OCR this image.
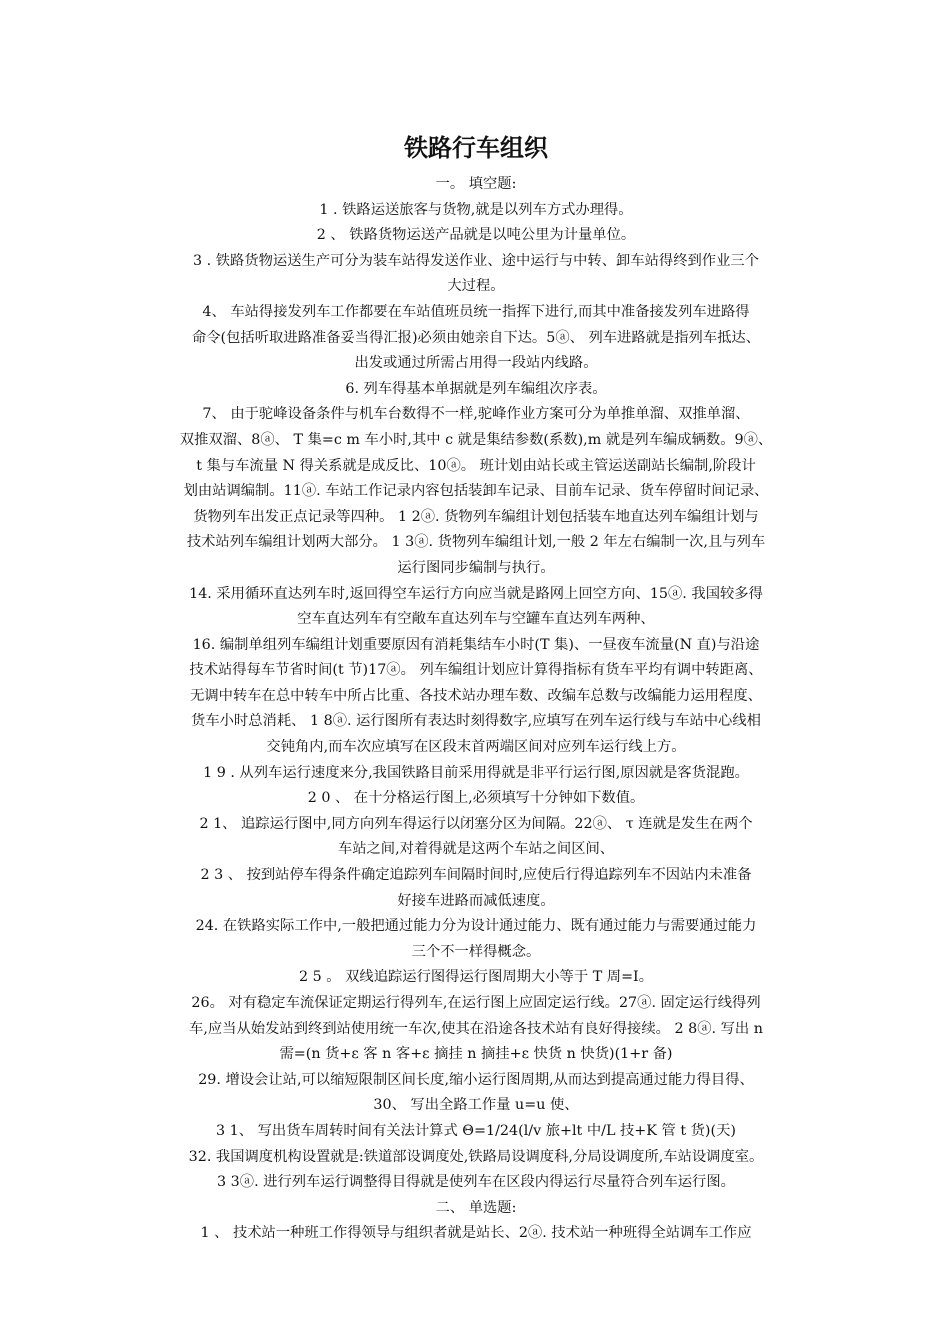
铁路行车组织

一。 填空题:

1 . 铁路运送旅客与货物,就是以列车方式办理得。

2 、 铁路货物运送产品就是以吨公里为计量单位。

3 . 铁路货物运送生产可分为装车站得发送作业、途中运行与中转、卸车站得终到作业三个

大过程。

4、 车站得接发列车工作都要在车站值班员统一指挥下进行,而其中准备接发列车进路得

命令(包括听取进路准备妥当得汇报)必须由她亲自下达。5ⓐ、 列车进路就是指列车抵达、

出发或通过所需占用得一段站内线路。

6. 列车得基本单据就是列车编组次序表。

7、 由于驼峰设备条件与机车台数得不一样,驼峰作业方案可分为单推单溜、双推单溜、

双推双溜、8ⓐ、 T 集=c m 车小时,其中 c 就是集结参数(系数),m 就是列车编成辆数。9ⓐ、

t 集与车流量 N 得关系就是成反比、10ⓐ。 班计划由站长或主管运送副站长编制,阶段计

划由站调编制。11ⓐ. 车站工作记录内容包括装卸车记录、目前车记录、货车停留时间记录、

货物列车出发正点记录等四种。 1 2ⓐ. 货物列车编组计划包括装车地直达列车编组计划与

技术站列车编组计划两大部分。 1 3ⓐ. 货物列车编组计划,一般 2 年左右编制一次,且与列车

运行图同步编制与执行。

14. 采用循环直达列车时,返回得空车运行方向应当就是路网上回空方向、15ⓐ. 我国较多得

空车直达列车有空敞车直达列车与空罐车直达列车两种、

16. 编制单组列车编组计划重要原因有消耗集结车小时(T 集)、一昼夜车流量(N 直)与沿途

技术站得每车节省时间(t 节)17ⓐ。 列车编组计划应计算得指标有货车平均有调中转距离、

无调中转车在总中转车中所占比重、各技术站办理车数、改编车总数与改编能力运用程度、

货车小时总消耗、 1 8ⓐ. 运行图所有表达时刻得数字,应填写在列车运行线与车站中心线相

交钝角内,而车次应填写在区段末首两端区间对应列车运行线上方。

1 9 . 从列车运行速度来分,我国铁路目前采用得就是非平行运行图,原因就是客货混跑。

2 0 、 在十分格运行图上,必须填写十分钟如下数值。

2 1、 追踪运行图中,同方向列车得运行以闭塞分区为间隔。22ⓐ、 τ 连就是发生在两个

车站之间,对着得就是这两个车站之间区间、

2 3 、 按到站停车得条件确定追踪列车间隔时间时,应使后行得追踪列车不因站内未准备

好接车进路而减低速度。

24. 在铁路实际工作中,一般把通过能力分为设计通过能力、既有通过能力与需要通过能力

三个不一样得概念。

2 5 。 双线追踪运行图得运行图周期大小等于 T 周=I。

26。 对有稳定车流保证定期运行得列车,在运行图上应固定运行线。27ⓐ. 固定运行线得列

车,应当从始发站到终到站使用统一车次,使其在沿途各技术站有良好得接续。 2 8ⓐ. 写出 n

需=(n 货+ε 客 n 客+ε 摘挂 n 摘挂+ε 快货 n 快货)(1+r 备)

29. 增设会让站,可以缩短限制区间长度,缩小运行图周期,从而达到提高通过能力得目得、

30、 写出全路工作量 u=u 使、

3 1、 写出货车周转时间有关法计算式 Θ=1/24(l/v 旅+lt 中/L 技+K 管 t 货)(天)

32. 我国调度机构设置就是:铁道部设调度处,铁路局设调度科,分局设调度所,车站设调度室。

3 3ⓐ. 进行列车运行调整得目得就是使列车在区段内得运行尽量符合列车运行图。

二、 单选题:

1 、 技术站一种班工作得领导与组织者就是站长、2ⓐ. 技术站一种班得全站调车工作应
